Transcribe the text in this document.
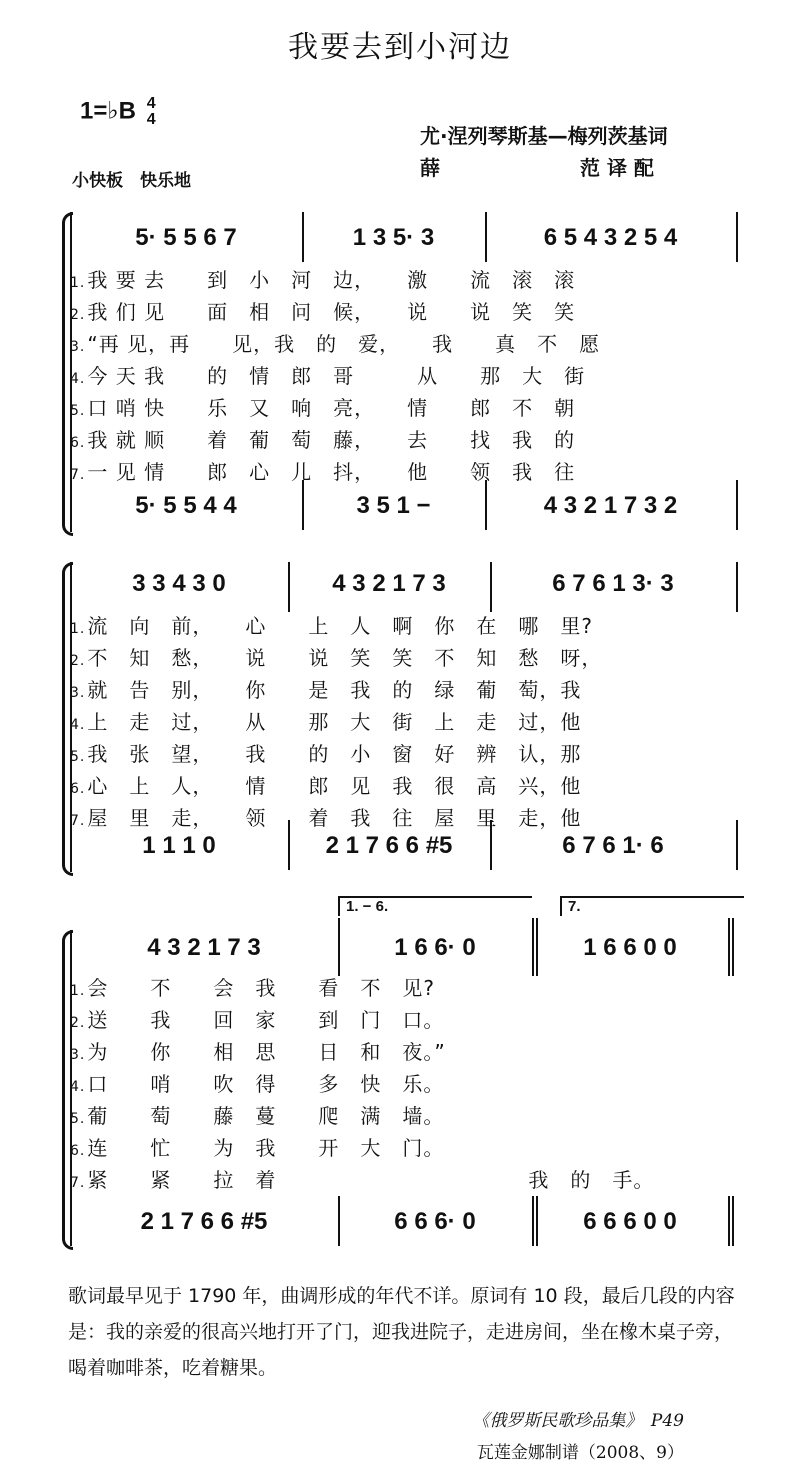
我要去到小河边
1=♭B 4
4
尤·涅列琴斯基—梅列茨基词
薛　　　　　　　范 译 配
小快板　快乐地
5· 5 5 6 7	1 3 5· 3	6 5 4 3 2 5 4
1. 我 要 去　　到　小　河　边，　　激　　流　滚　滚
2. 我 们 见　　面　相　问　候，　　说　　说　笑　笑
3. “再 见，再　　见，我　的　爱，　　我　　真　不　愿
4. 今 天 我　　的　情　郎　哥　　　从　　那　大　街
5. 口 哨 快　　乐　又　响　亮，　　情　　郎　不　朝
6. 我 就 顺　　着　葡　萄　藤，　　去　　找　我　的
7. 一 见 情　　郎　心　儿　抖，　　他　　领　我　往
5· 5 5 4 4	3 5 1 −	4 3 2 1 7 3 2
3 3 4 3 0	4 3 2 1 7 3	6 7 6 1 3· 3
1. 流　向　前，　　心　　上　人　啊　你　在　哪　里?
2. 不　知　愁，　　说　　说　笑　笑　不　知　愁　呀，
3. 就　告　别，　　你　　是　我　的　绿　葡　萄，我
4. 上　走　过，　　从　　那　大　街　上　走　过，他
5. 我　张　望，　　我　　的　小　窗　好　辨　认，那
6. 心　上　人，　　情　　郎　见　我　很　高　兴，他
7. 屋　里　走，　　领　　着　我　往　屋　里　走，他
1 1 1 0	2 1 7 6 6 #5	6 7 6 1· 6
1. − 6.	7.
4 3 2 1 7 3	1 6 6· 0	1 6 6 0 0
1. 会　　不　　会　我　　看　不　见?
2. 送　　我　　回　家　　到　门　口。
3. 为　　你　　相　思　　日　和　夜。”
4. 口　　哨　　吹　得　　多　快　乐。
5. 葡　　萄　　藤　蔓　　爬　满　墙。
6. 连　　忙　　为　我　　开　大　门。
7. 紧　　紧　　拉　着　　　　　　　　　　　　我　的　手。
2 1 7 6 6 #5	6 6 6· 0	6 6 6 0 0
歌词最早见于 1790 年，曲调形成的年代不详。原词有 10 段，最后几段的内容是：我的亲爱的很高兴地打开了门，迎我进院子，走进房间，坐在橡木桌子旁，喝着咖啡茶，吃着糖果。
《俄罗斯民歌珍品集》　P49
瓦莲金娜制谱（2008、9）
